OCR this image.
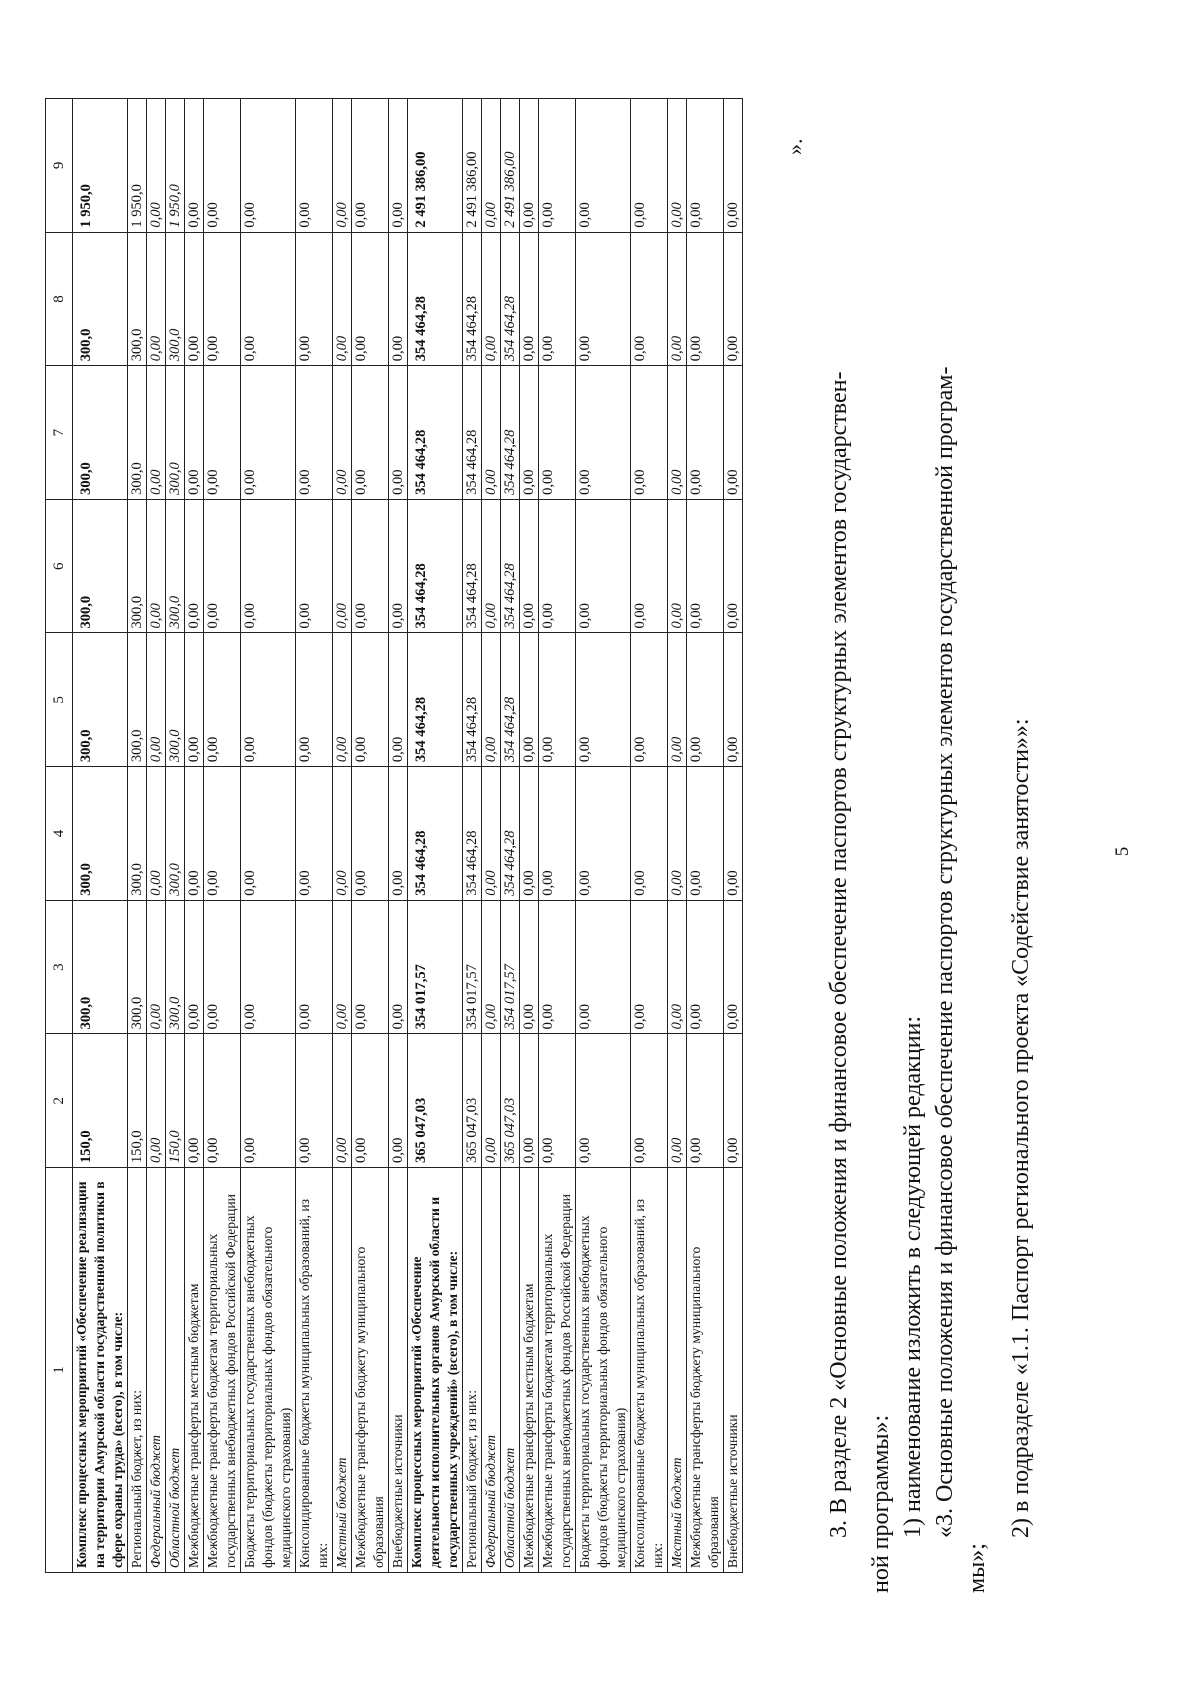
5
1	2	3	4	5	6	7	8	9
Комплекс процессных мероприятий «Обеспечение реализации на территории Амурской области государственной политики в сфере охраны труда» (всего), в том числе:	150,0	300,0	300,0	300,0	300,0	300,0	300,0	1 950,0
Региональный бюджет, из них:	150,0	300,0	300,0	300,0	300,0	300,0	300,0	1 950,0
Федеральный бюджет	0,00	0,00	0,00	0,00	0,00	0,00	0,00	0,00
Областной бюджет	150,0	300,0	300,0	300,0	300,0	300,0	300,0	1 950,0
Межбюджетные трансферты местным бюджетам	0,00	0,00	0,00	0,00	0,00	0,00	0,00	0,00
Межбюджетные трансферты бюджетам территориальных государственных внебюджетных фондов Российской Федерации	0,00	0,00	0,00	0,00	0,00	0,00	0,00	0,00
Бюджеты территориальных государственных внебюджетных фондов (бюджеты территориальных фондов обязательного медицинского страхования)	0,00	0,00	0,00	0,00	0,00	0,00	0,00	0,00
Консолидированные бюджеты муниципальных образований, из них:	0,00	0,00	0,00	0,00	0,00	0,00	0,00	0,00
Местный бюджет	0,00	0,00	0,00	0,00	0,00	0,00	0,00	0,00
Межбюджетные трансферты бюджету муниципального образования	0,00	0,00	0,00	0,00	0,00	0,00	0,00	0,00
Внебюджетные источники	0,00	0,00	0,00	0,00	0,00	0,00	0,00	0,00
Комплекс процессных мероприятий «Обеспечение деятельности исполнительных органов Амурской области и государственных учреждений» (всего), в том числе:	365 047,03	354 017,57	354 464,28	354 464,28	354 464,28	354 464,28	354 464,28	2 491 386,00
Региональный бюджет, из них:	365 047,03	354 017,57	354 464,28	354 464,28	354 464,28	354 464,28	354 464,28	2 491 386,00
Федеральный бюджет	0,00	0,00	0,00	0,00	0,00	0,00	0,00	0,00
Областной бюджет	365 047,03	354 017,57	354 464,28	354 464,28	354 464,28	354 464,28	354 464,28	2 491 386,00
Межбюджетные трансферты местным бюджетам	0,00	0,00	0,00	0,00	0,00	0,00	0,00	0,00
Межбюджетные трансферты бюджетам территориальных государственных внебюджетных фондов Российской Федерации	0,00	0,00	0,00	0,00	0,00	0,00	0,00	0,00
Бюджеты территориальных государственных внебюджетных фондов (бюджеты территориальных фондов обязательного медицинского страхования)	0,00	0,00	0,00	0,00	0,00	0,00	0,00	0,00
Консолидированные бюджеты муниципальных образований, из них:	0,00	0,00	0,00	0,00	0,00	0,00	0,00	0,00
Местный бюджет	0,00	0,00	0,00	0,00	0,00	0,00	0,00	0,00
Межбюджетные трансферты бюджету муниципального образования	0,00	0,00	0,00	0,00	0,00	0,00	0,00	0,00
Внебюджетные источники	0,00	0,00	0,00	0,00	0,00	0,00	0,00	0,00
».
3. В разделе 2 «Основные положения и финансовое обеспечение паспортов структурных элементов государствен- ной программы»: 1) наименование изложить в следующей редакции: «3. Основные положения и финансовое обеспечение паспортов структурных элементов государственной програм-
мы»;
2) в подразделе «1.1. Паспорт регионального проекта «Содействие занятости»»:
